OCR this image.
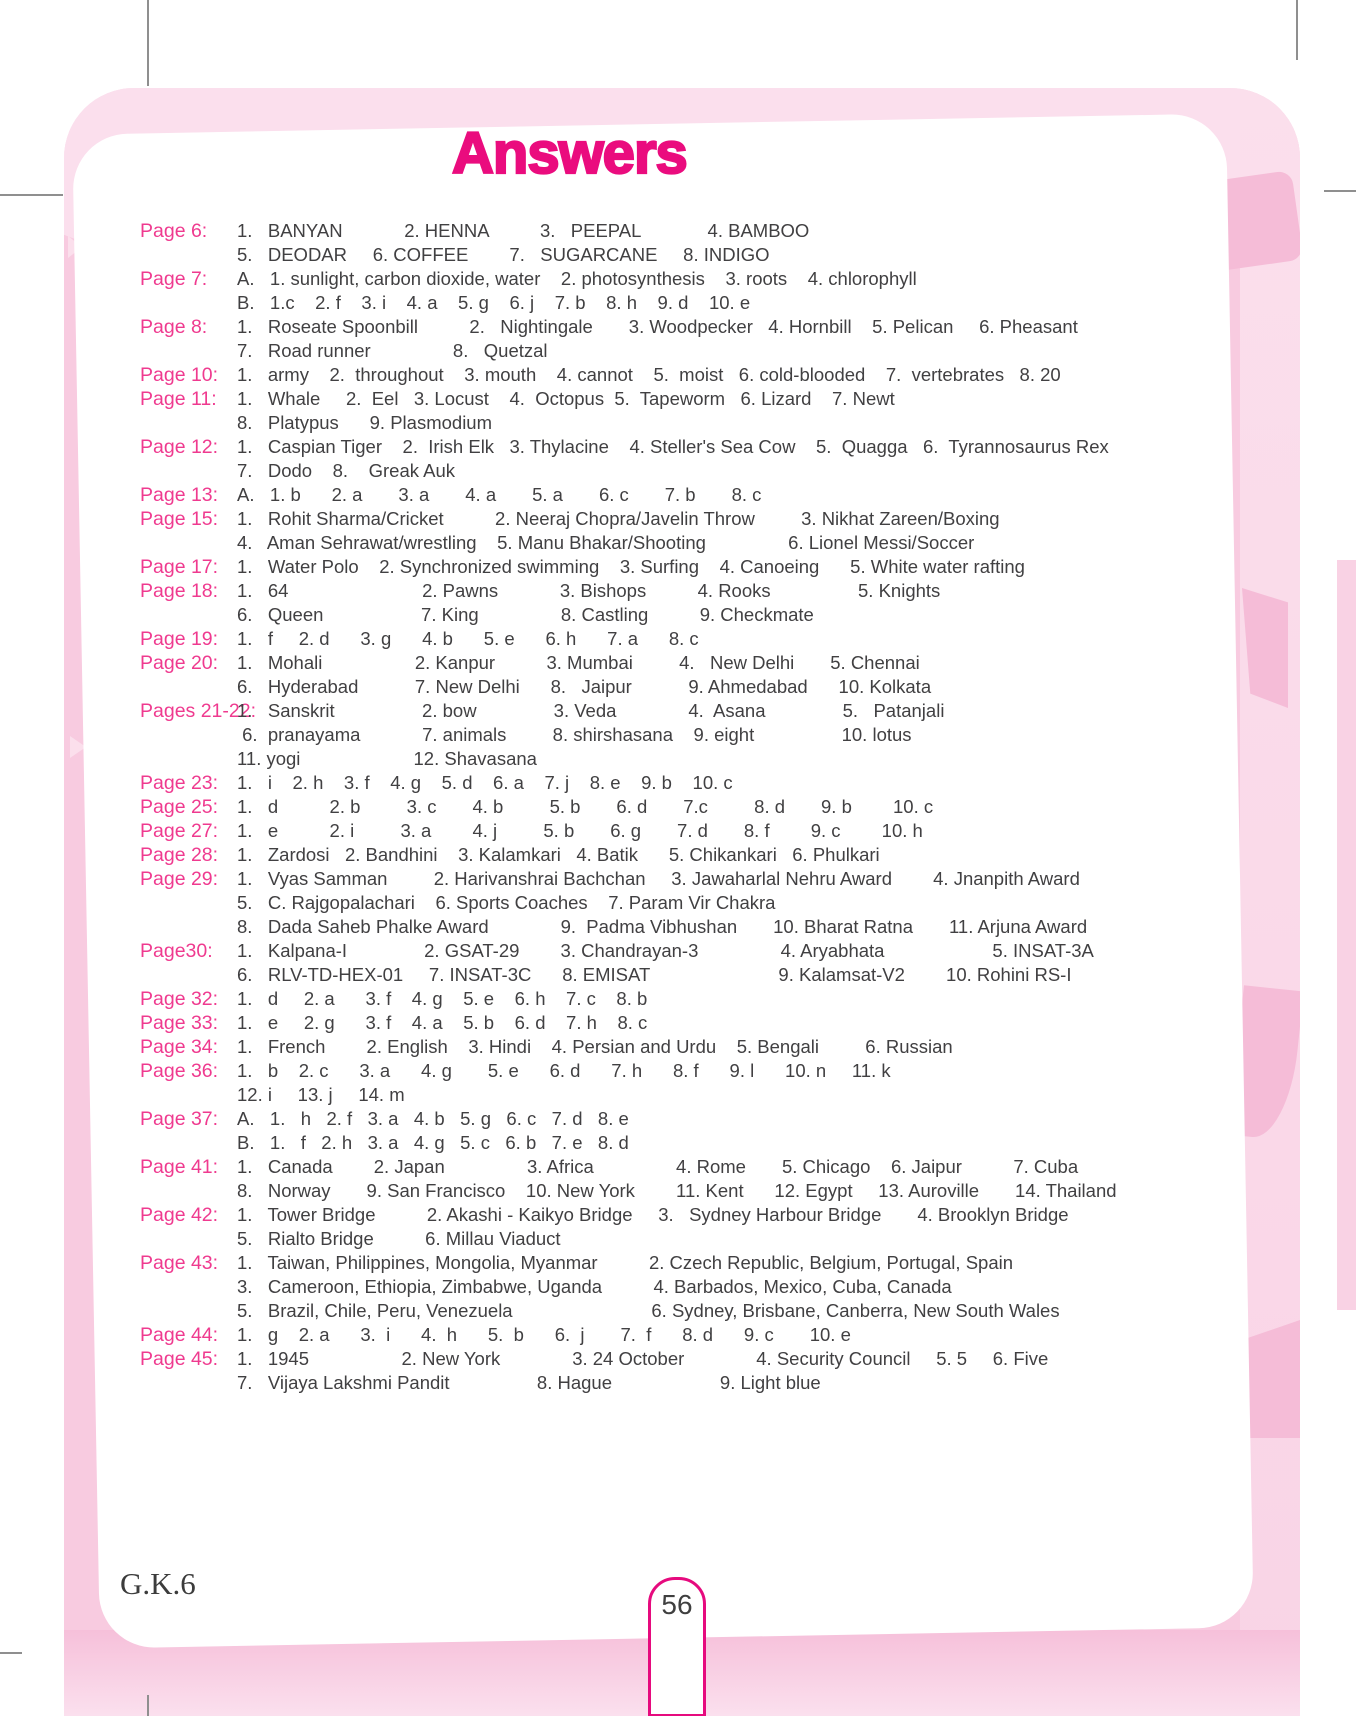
Answers
Page 6:	1.   BANYAN            2. HENNA          3.   PEEPAL             4. BAMBOO
5.   DEODAR     6. COFFEE        7.   SUGARCANE     8. INDIGO
Page 7:	A.   1. sunlight, carbon dioxide, water    2. photosynthesis    3. roots    4. chlorophyll
B.   1.c    2. f    3. i    4. a    5. g    6. j    7. b    8. h    9. d    10. e
Page 8:	1.   Roseate Spoonbill          2.   Nightingale       3. Woodpecker   4. Hornbill    5. Pelican     6. Pheasant
7.   Road runner                8.   Quetzal
Page 10:	1.   army    2.  throughout    3. mouth    4. cannot    5.  moist   6. cold-blooded    7.  vertebrates   8. 20
Page 11:	1.   Whale     2.  Eel   3. Locust    4.  Octopus  5.  Tapeworm   6. Lizard    7. Newt
8.   Platypus      9. Plasmodium
Page 12:	1.   Caspian Tiger    2.  Irish Elk   3. Thylacine    4. Steller's Sea Cow    5.  Quagga   6.  Tyrannosaurus Rex
7.   Dodo    8.    Greak Auk
Page 13:	A.   1. b      2. a       3. a       4. a       5. a       6. c       7. b       8. c
Page 15:	1.   Rohit Sharma/Cricket          2. Neeraj Chopra/Javelin Throw         3. Nikhat Zareen/Boxing
4.   Aman Sehrawat/wrestling    5. Manu Bhakar/Shooting                6. Lionel Messi/Soccer
Page 17:	1.   Water Polo    2. Synchronized swimming    3. Surfing    4. Canoeing      5. White water rafting
Page 18:	1.   64                          2. Pawns            3. Bishops          4. Rooks                 5. Knights
6.   Queen                   7. King                8. Castling          9. Checkmate
Page 19:	1.   f     2. d      3. g      4. b      5. e      6. h      7. a      8. c
Page 20:	1.   Mohali                  2. Kanpur          3. Mumbai         4.   New Delhi       5. Chennai
6.   Hyderabad           7. New Delhi      8.   Jaipur           9. Ahmedabad      10. Kolkata
Pages 21-22:
1.   Sanskrit                 2. bow               3. Veda              4.  Asana               5.   Patanjali
6.  pranayama            7. animals         8. shirshasana    9. eight                 10. lotus
11. yogi                      12. Shavasana
Page 23:	1.   i    2. h    3. f    4. g    5. d    6. a    7. j    8. e    9. b    10. c
Page 25:	1.   d          2. b         3. c       4. b         5. b       6. d       7.c         8. d       9. b        10. c
Page 27:	1.   e          2. i         3. a        4. j         5. b       6. g       7. d       8. f        9. c        10. h
Page 28:	1.   Zardosi   2. Bandhini    3. Kalamkari   4. Batik      5. Chikankari   6. Phulkari
Page 29:	1.   Vyas Samman         2. Harivanshrai Bachchan     3. Jawaharlal Nehru Award        4. Jnanpith Award
5.   C. Rajgopalachari    6. Sports Coaches    7. Param Vir Chakra
8.   Dada Saheb Phalke Award              9.  Padma Vibhushan       10. Bharat Ratna       11. Arjuna Award
Page30:	1.   Kalpana-I               2. GSAT-29        3. Chandrayan-3                4. Aryabhata                     5. INSAT-3A
6.   RLV-TD-HEX-01     7. INSAT-3C      8. EMISAT                         9. Kalamsat-V2        10. Rohini RS-I
Page 32:	1.   d     2. a      3. f    4. g    5. e    6. h    7. c    8. b
Page 33:	1.   e     2. g      3. f    4. a    5. b    6. d    7. h    8. c
Page 34:	1.   French        2. English    3. Hindi    4. Persian and Urdu    5. Bengali         6. Russian
Page 36:	1.   b    2. c      3. a      4. g       5. e      6. d      7. h      8. f      9. l      10. n     11. k
12. i     13. j     14. m
Page 37:	A.   1.   h   2. f   3. a   4. b   5. g   6. c   7. d   8. e
B.   1.   f   2. h   3. a   4. g   5. c   6. b   7. e   8. d
Page 41:	1.   Canada        2. Japan                3. Africa                4. Rome       5. Chicago    6. Jaipur          7. Cuba
8.   Norway       9. San Francisco    10. New York        11. Kent      12. Egypt     13. Auroville       14. Thailand
Page 42:	1.   Tower Bridge          2. Akashi - Kaikyo Bridge     3.   Sydney Harbour Bridge       4. Brooklyn Bridge
5.   Rialto Bridge          6. Millau Viaduct
Page 43:	1.   Taiwan, Philippines, Mongolia, Myanmar          2. Czech Republic, Belgium, Portugal, Spain
3.   Cameroon, Ethiopia, Zimbabwe, Uganda          4. Barbados, Mexico, Cuba, Canada
5.   Brazil, Chile, Peru, Venezuela                           6. Sydney, Brisbane, Canberra, New South Wales
Page 44:	1.   g    2. a      3.  i      4.  h      5.  b      6.  j       7.  f      8. d      9. c       10. e
Page 45:	1.   1945                  2. New York              3. 24 October              4. Security Council     5. 5     6. Five
7.   Vijaya Lakshmi Pandit                 8. Hague                     9. Light blue
G.K.6
56
